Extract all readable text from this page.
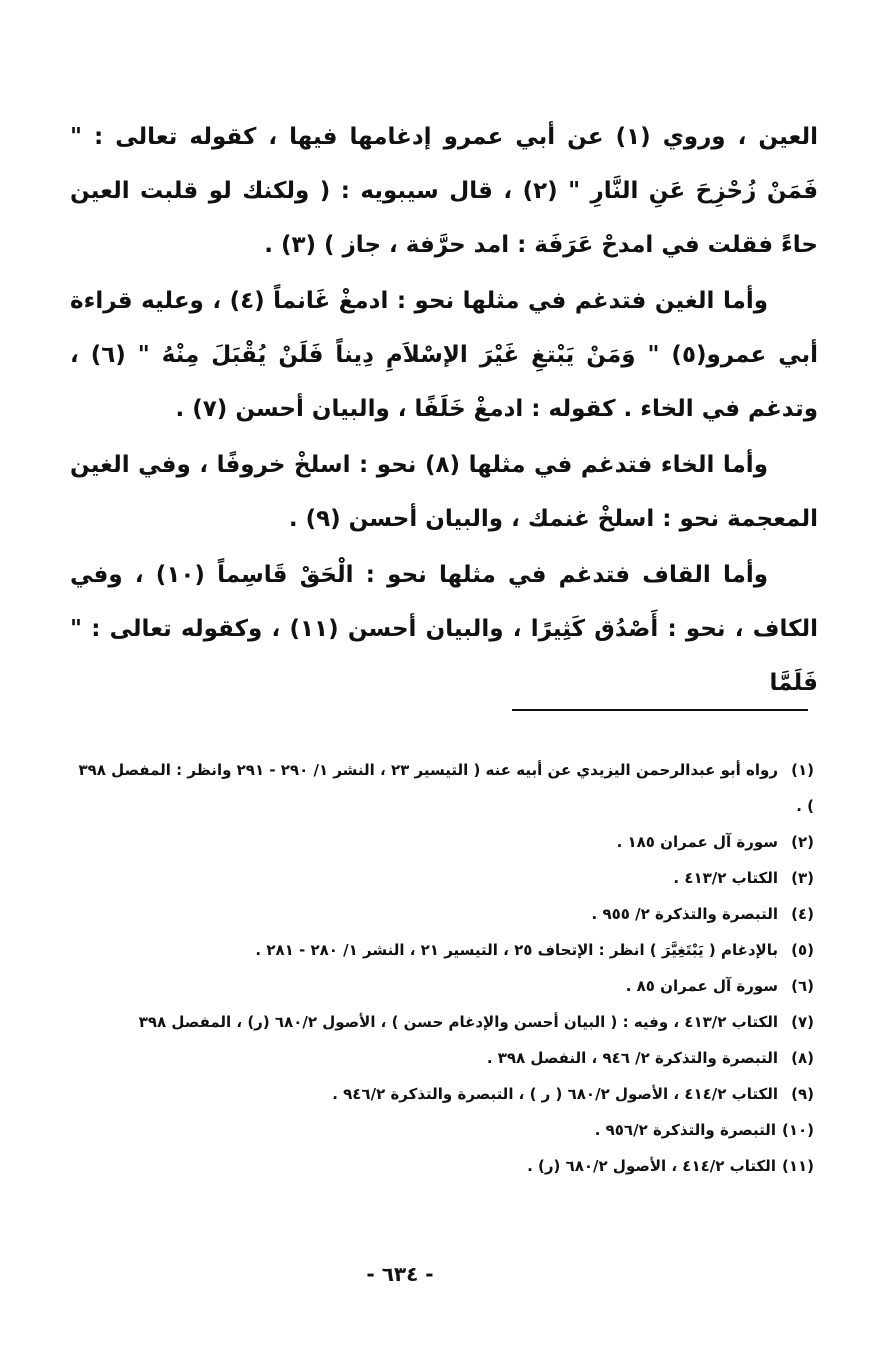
العين ، وروي (١) عن أبي عمرو إدغامها فيها ، كقوله تعالى : " فَمَنْ زُحْزِحَ عَنِ النَّارِ " (٢) ، قال سيبويه : ( ولكنك لو قلبت العين حاءً فقلت في امدحْ عَرَفَة : امد حرَّفة ، جاز ) (٣) .

وأما الغين فتدغم في مثلها نحو : ادمغْ غَانماً (٤) ، وعليه قراءة أبي عمرو(٥) " وَمَنْ يَبْتغِ غَيْرَ الإسْلاَمِ دِيناً فَلَنْ يُقْبَلَ مِنْهُ " (٦) ، وتدغم في الخاء . كقوله : ادمغْ خَلَفًا ، والبيان أحسن (٧) .

وأما الخاء فتدغم في مثلها (٨) نحو : اسلخْ خروفًا ، وفي الغين المعجمة نحو : اسلخْ غنمك ، والبيان أحسن (٩) .

وأما القاف فتدغم في مثلها نحو : الْحَقْ قَاسِماً (١٠) ، وفي الكاف ، نحو : أَصْدُق كَثِيرًا ، والبيان أحسن (١١) ، وكقوله تعالى : " فَلَمَّا

(١)رواه أبو عبدالرحمن اليزيدي عن أبيه عنه ( التيسير ٢٣ ، النشر ١/ ٢٩٠ - ٢٩١ وانظر : المفصل ٣٩٨ ) .
(٢)سورة آل عمران ١٨٥ .
(٣)الكتاب ٤١٣/٢ .
(٤)التبصرة والتذكرة ٢/ ٩٥٥ .
(٥)بالإدغام ( يَبْتَغِيَّرَ ) انظر : الإتحاف ٢٥ ، التيسير ٢١ ، النشر ١/ ٢٨٠ - ٢٨١ .
(٦)سورة آل عمران ٨٥ .
(٧)الكتاب ٤١٣/٢ ، وفيه : ( البيان أحسن والإدغام حسن ) ، الأصول ٦٨٠/٢ (ر) ، المفصل ٣٩٨
(٨)التبصرة والتذكرة ٢/ ٩٤٦ ، النفصل ٣٩٨ .
(٩)الكتاب ٤١٤/٢ ، الأصول ٦٨٠/٢ ( ر ) ، التبصرة والتذكرة ٩٤٦/٢ .
(١٠)التبصرة والتذكرة ٩٥٦/٢ .
(١١)الكتاب ٤١٤/٢ ، الأصول ٦٨٠/٢ (ر) .
- ٦٣٤ -
